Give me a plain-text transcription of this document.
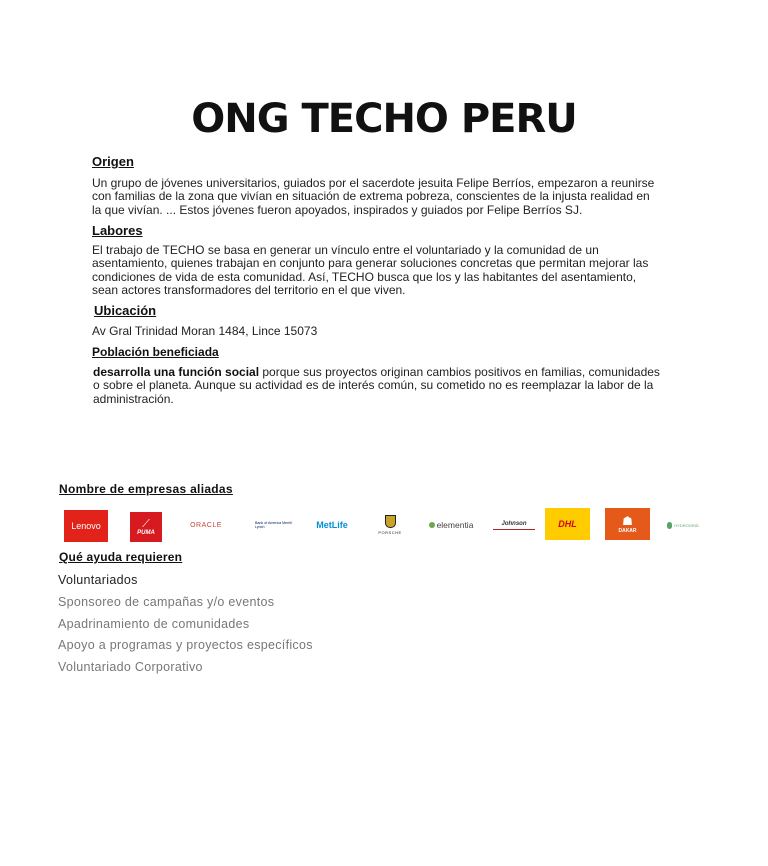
ONG TECHO PERU
Origen

Un grupo de jóvenes universitarios, guiados por el sacerdote jesuita Felipe Berríos, empezaron a reunirse con familias de la zona que vivían en situación de extrema pobreza, conscientes de la injusta realidad en la que vivían. ... Estos jóvenes fueron apoyados, inspirados y guiados por Felipe Berríos SJ.

Labores

El trabajo de TECHO se basa en generar un vínculo entre el voluntariado y la comunidad de un asentamiento, quienes trabajan en conjunto para generar soluciones concretas que permitan mejorar las condiciones de vida de esta comunidad. Así, TECHO busca que los y las habitantes del asentamiento, sean actores transformadores del territorio en el que viven.

Ubicación

Av Gral Trinidad Moran 1484, Lince 15073

Población beneficiada

desarrolla una función social porque sus proyectos originan cambios positivos en familias, comunidades o sobre el planeta. Aunque su actividad es de interés común, su cometido no es reemplazar la labor de la administración.

Nombre de empresas aliadas
Lenovo	⟋
PUMA
ORACLE	Bank of America Merrill Lynch	MetLife
PORSCHE
elementia	Johnson	DHL	☗
DAKAR
HYDROGRID
Qué ayuda requieren
Voluntariados
Sponsoreo de campañas y/o eventos
Apadrinamiento de comunidades
Apoyo a programas y proyectos específicos
Voluntariado Corporativo
